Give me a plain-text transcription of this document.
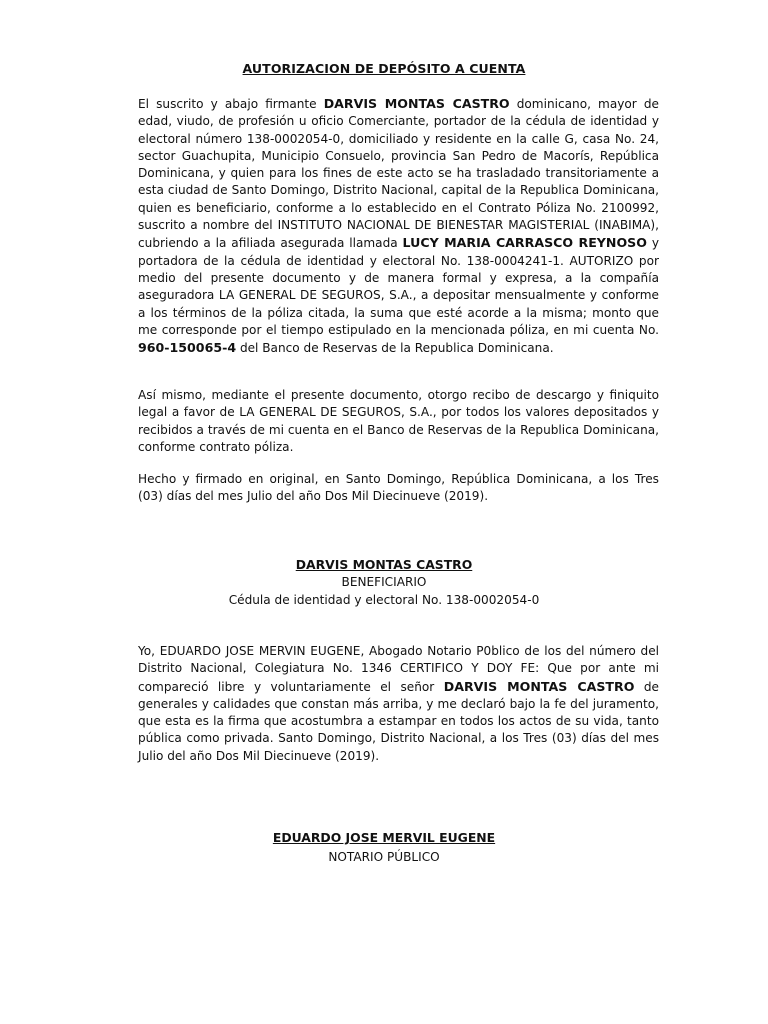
AUTORIZACION DE DEPÓSITO A CUENTA

El suscrito y abajo firmante DARVIS MONTAS CASTRO dominicano, mayor de edad, viudo, de profesión u oficio Comerciante, portador de la cédula de identidad y electoral número 138-0002054-0, domiciliado y residente en la calle G, casa No. 24, sector Guachupita, Municipio Consuelo, provincia San Pedro de Macorís, República Dominicana, y quien para los fines de este acto se ha trasladado transitoriamente a esta ciudad de Santo Domingo, Distrito Nacional, capital de la Republica Dominicana, quien es beneficiario, conforme a lo establecido en el Contrato Póliza No. 2100992, suscrito a nombre del INSTITUTO NACIONAL DE BIENESTAR MAGISTERIAL (INABIMA), cubriendo a la afiliada asegurada llamada LUCY MARIA CARRASCO REYNOSO y portadora de la cédula de identidad y electoral No. 138-0004241-1. AUTORIZO por medio del presente documento y de manera formal y expresa, a la compañía aseguradora LA GENERAL DE SEGUROS, S.A., a depositar mensualmente y conforme a los términos de la póliza citada, la suma que esté acorde a la misma; monto que me corresponde por el tiempo estipulado en la mencionada póliza, en mi cuenta No. 960-150065-4 del Banco de Reservas de la Republica Dominicana.

Así mismo, mediante el presente documento, otorgo recibo de descargo y finiquito legal a favor de LA GENERAL DE SEGUROS, S.A., por todos los valores depositados y recibidos a través de mi cuenta en el Banco de Reservas de la Republica Dominicana, conforme contrato póliza.

Hecho y firmado en original, en Santo Domingo, República Dominicana, a los Tres (03) días del mes Julio del año Dos Mil Diecinueve (2019).

DARVIS MONTAS CASTRO

BENEFICIARIO

Cédula de identidad y electoral No. 138-0002054-0

Yo, EDUARDO JOSE MERVIN EUGENE, Abogado Notario P0blico de los del número del Distrito Nacional, Colegiatura No. 1346 CERTIFICO Y DOY FE: Que por ante mi compareció libre y voluntariamente el señor DARVIS MONTAS CASTRO de generales y calidades que constan más arriba, y me declaró bajo la fe del juramento, que esta es la firma que acostumbra a estampar en todos los actos de su vida, tanto pública como privada. Santo Domingo, Distrito Nacional, a los Tres (03) días del mes Julio del año Dos Mil Diecinueve (2019).

EDUARDO JOSE MERVIL EUGENE

NOTARIO PÚBLICO
